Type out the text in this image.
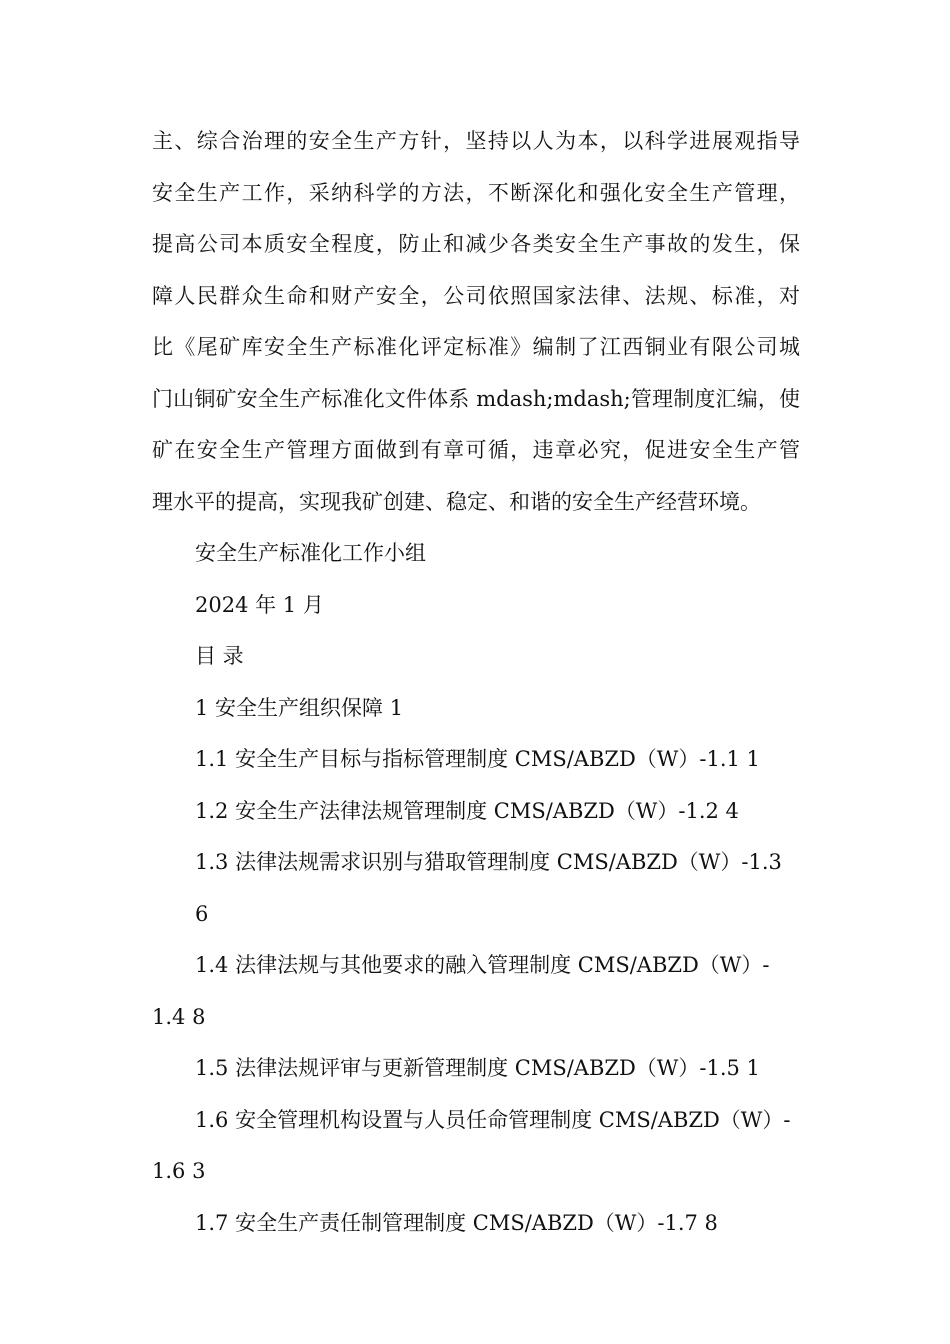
主、综合治理的安全生产方针，坚持以人为本，以科学进展观指导
安全生产工作，采纳科学的方法，不断深化和强化安全生产管理，
提高公司本质安全程度，防止和减少各类安全生产事故的发生，保
障人民群众生命和财产安全，公司依照国家法律、法规、标准，对
比《尾矿库安全生产标准化评定标准》编制了江西铜业有限公司城
门山铜矿安全生产标准化文件体系 mdash;mdash;管理制度汇编，使
矿在安全生产管理方面做到有章可循，违章必究，促进安全生产管
理水平的提高，实现我矿创建、稳定、和谐的安全生产经营环境。

安全生产标准化工作小组

2024 年 1 月

目 录

1 安全生产组织保障 1
1.1 安全生产目标与指标管理制度 CMS/ABZD（W）-1.1 1
1.2 安全生产法律法规管理制度 CMS/ABZD（W）-1.2 4
1.3 法律法规需求识别与猎取管理制度 CMS/ABZD（W）-1.3 6
1.4 法律法规与其他要求的融入管理制度 CMS/ABZD（W）-
1.4 8
1.5 法律法规评审与更新管理制度 CMS/ABZD（W）-1.5 1
1.6 安全管理机构设置与人员任命管理制度 CMS/ABZD（W）-
1.6 3
1.7 安全生产责任制管理制度 CMS/ABZD（W）-1.7 8
